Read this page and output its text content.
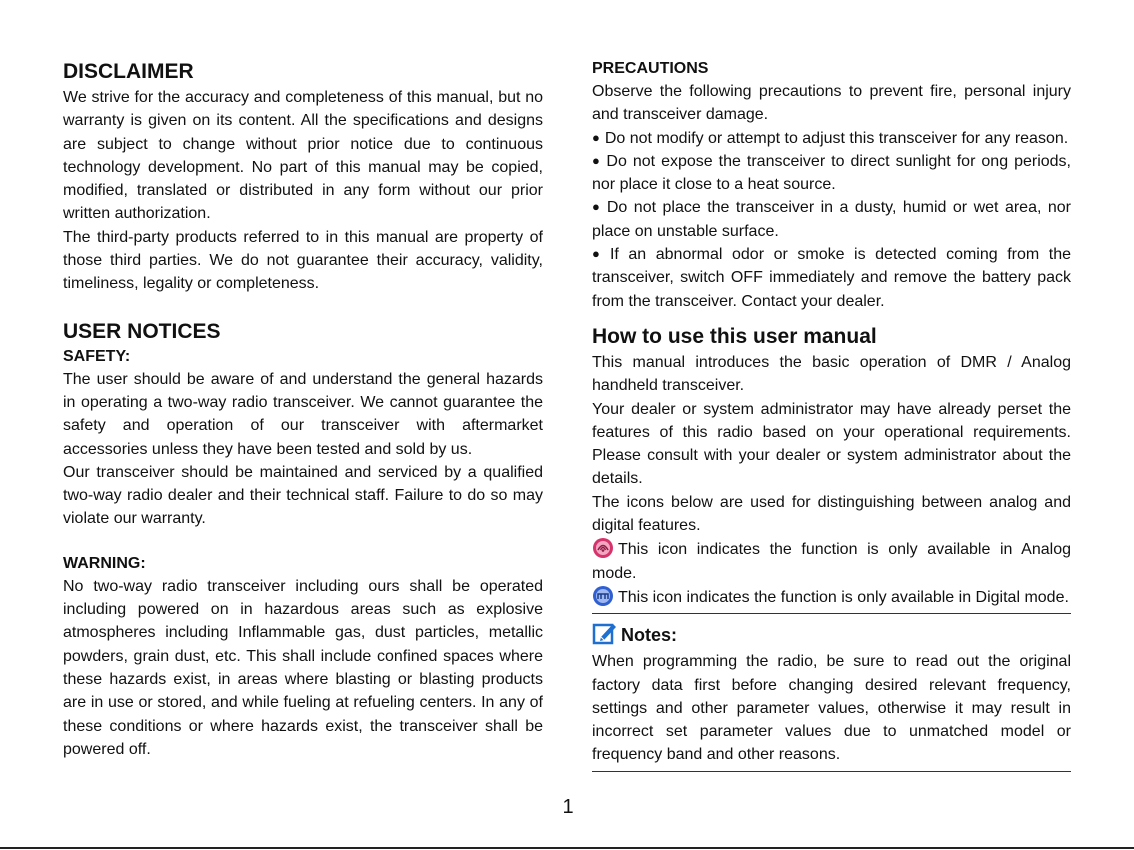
DISCLAIMER

We strive for the accuracy and completeness of this manual, but no warranty is given on its content. All the specifications and designs are subject to change without prior notice due to continuous technology development. No part of this manual may be copied, modified, translated or distributed in any form without our prior written authorization.

The third-party products referred to in this manual are property of those third parties. We do not guarantee their accuracy, validity, timeliness, legality or completeness.

USER NOTICES
SAFETY:

The user should be aware of and understand the general hazards in operating a two-way radio transceiver. We cannot guarantee the safety and operation of our transceiver with aftermarket accessories unless they have been tested and sold by us.

Our transceiver should be maintained and serviced by a qualified two-way radio dealer and their technical staff. Failure to do so may violate our warranty.

WARNING:

No two-way radio transceiver including ours shall be operated including powered on in hazardous areas such as explosive atmospheres including Inflammable gas, dust particles, metallic powders, grain dust, etc. This shall include confined spaces where these hazards exist, in areas where blasting or blasting products are in use or stored, and while fueling at refueling centers. In any of these conditions or where hazards exist, the transceiver shall be powered off.

PRECAUTIONS

Observe the following precautions to prevent fire, personal injury and transceiver damage.

● Do not modify or attempt to adjust this transceiver for any reason.

● Do not expose the transceiver to direct sunlight for ong periods, nor place it close to a heat source.

● Do not place the transceiver in a dusty, humid or wet area, nor place on unstable surface.

● If an abnormal odor or smoke is detected coming from the transceiver, switch OFF immediately and remove the battery pack from the transceiver. Contact your dealer.

How to use this user manual

This manual introduces the basic operation of DMR / Analog handheld transceiver.

Your dealer or system administrator may have already perset the features of this radio based on your operational requirements. Please consult with your dealer or system administrator about the details.

The icons below are used for distinguishing between analog and digital features.

This icon indicates the function is only available in Analog mode.

This icon indicates the function is only available in Digital mode.

Notes:

When programming the radio, be sure to read out the original factory data first before changing desired relevant frequency, settings and other parameter values, otherwise it may result in incorrect set parameter values due to unmatched model or frequency band and other reasons.

1
